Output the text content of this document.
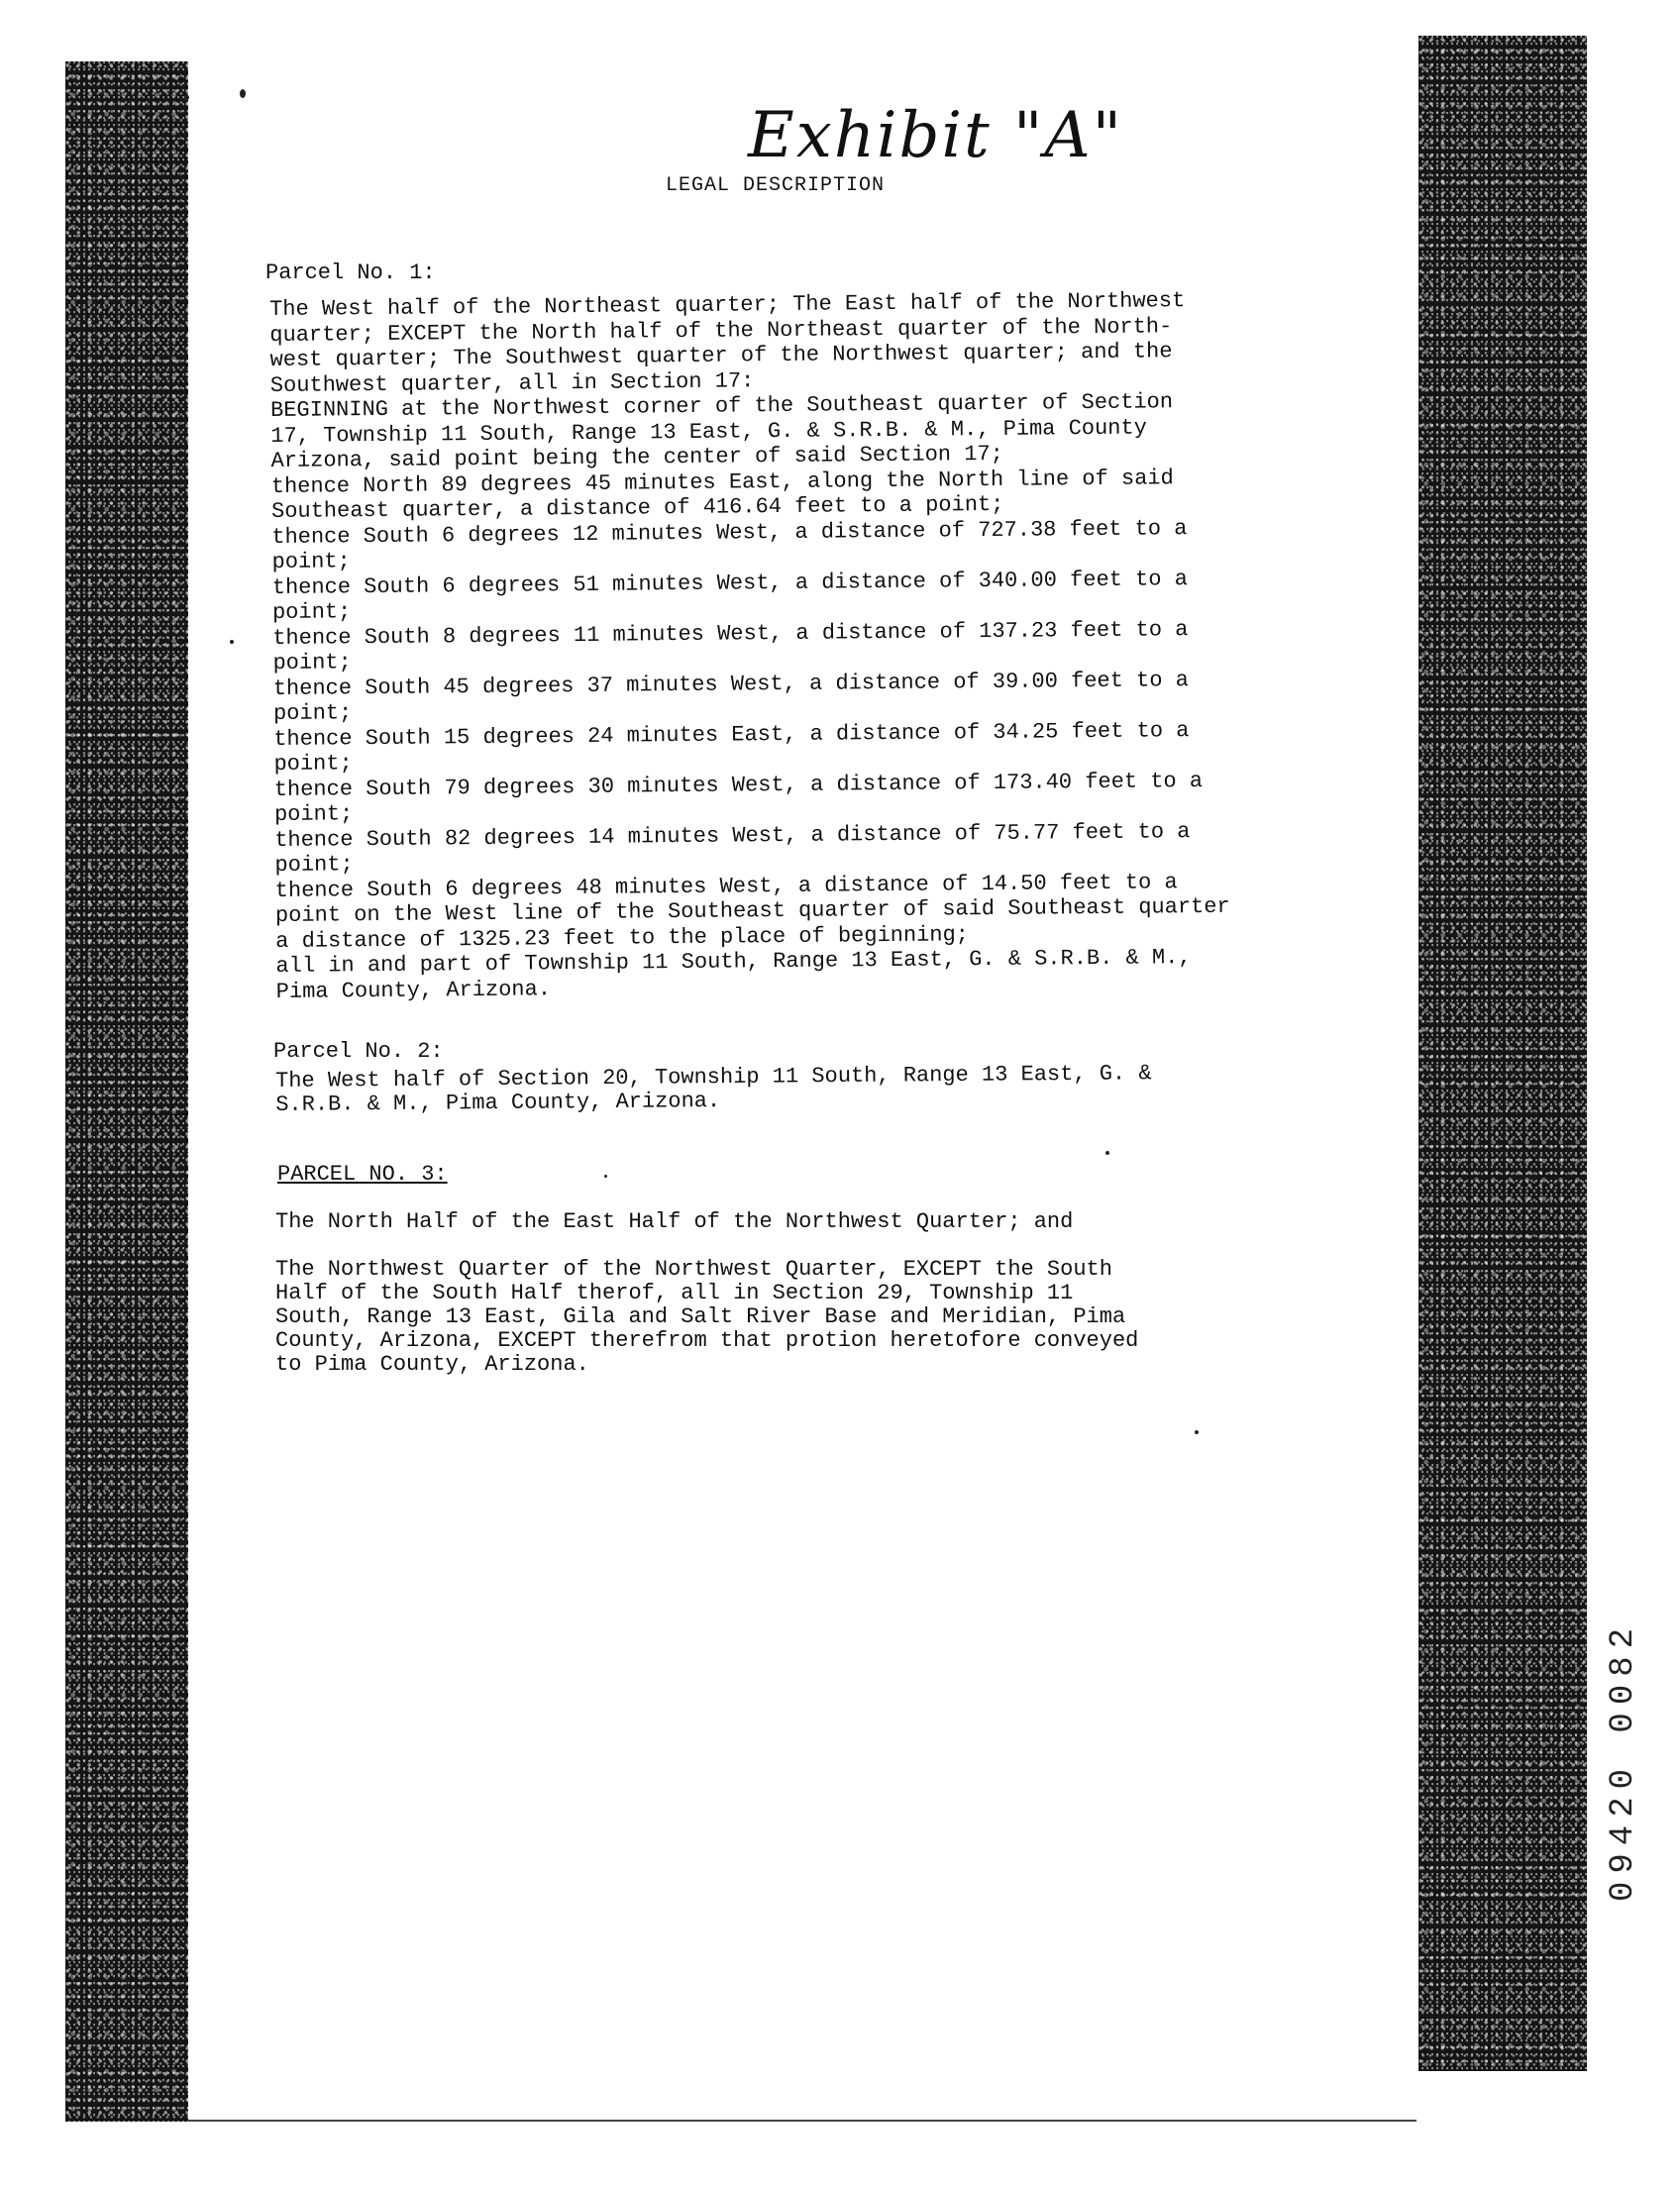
Exhibit "A"
LEGAL DESCRIPTION
Parcel No. 1:
The West half of the Northeast quarter; The East half of the Northwest
quarter; EXCEPT the North half of the Northeast quarter of the North-
west quarter; The Southwest quarter of the Northwest quarter; and the
Southwest quarter, all in Section 17:
BEGINNING at the Northwest corner of the Southeast quarter of Section
17, Township 11 South, Range 13 East, G. & S.R.B. & M., Pima County
Arizona, said point being the center of said Section 17;
thence North 89 degrees 45 minutes East, along the North line of said
Southeast quarter, a distance of 416.64 feet to a point;
thence South 6 degrees 12 minutes West, a distance of 727.38 feet to a
point;
thence South 6 degrees 51 minutes West, a distance of 340.00 feet to a
point;
thence South 8 degrees 11 minutes West, a distance of 137.23 feet to a
point;
thence South 45 degrees 37 minutes West, a distance of 39.00 feet to a
point;
thence South 15 degrees 24 minutes East, a distance of 34.25 feet to a
point;
thence South 79 degrees 30 minutes West, a distance of 173.40 feet to a
point;
thence South 82 degrees 14 minutes West, a distance of 75.77 feet to a
point;
thence South 6 degrees 48 minutes West, a distance of 14.50 feet to a
point on the West line of the Southeast quarter of said Southeast quarter
a distance of 1325.23 feet to the place of beginning;
all in and part of Township 11 South, Range 13 East, G. & S.R.B. & M.,
Pima County, Arizona.
Parcel No. 2:
The West half of Section 20, Township 11 South, Range 13 East, G. &
S.R.B. & M., Pima County, Arizona.
PARCEL NO. 3:
The North Half of the East Half of the Northwest Quarter; and
The Northwest Quarter of the Northwest Quarter, EXCEPT the South
Half of the South Half therof, all in Section 29, Township 11
South, Range 13 East, Gila and Salt River Base and Meridian, Pima
County, Arizona, EXCEPT therefrom that protion heretofore conveyed
to Pima County, Arizona.
09420 0082
